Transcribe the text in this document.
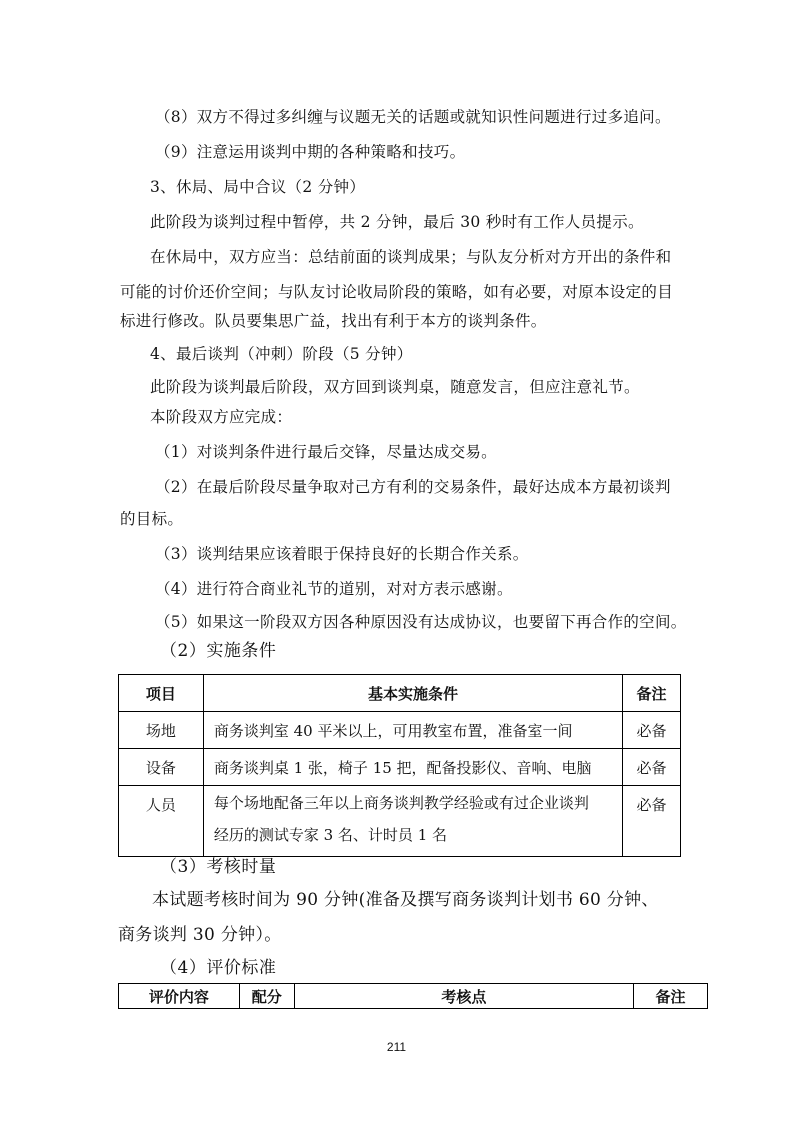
（8）双方不得过多纠缠与议题无关的话题或就知识性问题进行过多追问。
（9）注意运用谈判中期的各种策略和技巧。
3、休局、局中合议（2 分钟）
此阶段为谈判过程中暂停，共 2 分钟，最后 30 秒时有工作人员提示。
在休局中，双方应当：总结前面的谈判成果；与队友分析对方开出的条件和
可能的讨价还价空间；与队友讨论收局阶段的策略，如有必要，对原本设定的目
标进行修改。队员要集思广益，找出有利于本方的谈判条件。
4、最后谈判（冲刺）阶段（5 分钟）
此阶段为谈判最后阶段，双方回到谈判桌，随意发言，但应注意礼节。
本阶段双方应完成：
（1）对谈判条件进行最后交锋，尽量达成交易。
（2）在最后阶段尽量争取对己方有利的交易条件，最好达成本方最初谈判
的目标。
（3）谈判结果应该着眼于保持良好的长期合作关系。
（4）进行符合商业礼节的道别，对对方表示感谢。
（5）如果这一阶段双方因各种原因没有达成协议，也要留下再合作的空间。
（2）实施条件
项目	基本实施条件	备注
场地	商务谈判室 40 平米以上，可用教室布置，准备室一间	必备
设备	商务谈判桌 1 张，椅子 15 把，配备投影仪、音响、电脑	必备
人员	每个场地配备三年以上商务谈判教学经验或有过企业谈判
经历的测试专家 3 名、计时员 1 名	必备
（3）考核时量
本试题考核时间为 90 分钟(准备及撰写商务谈判计划书 60 分钟、
商务谈判 30 分钟）。
（4）评价标准
评价内容	配分	考核点	备注
211
